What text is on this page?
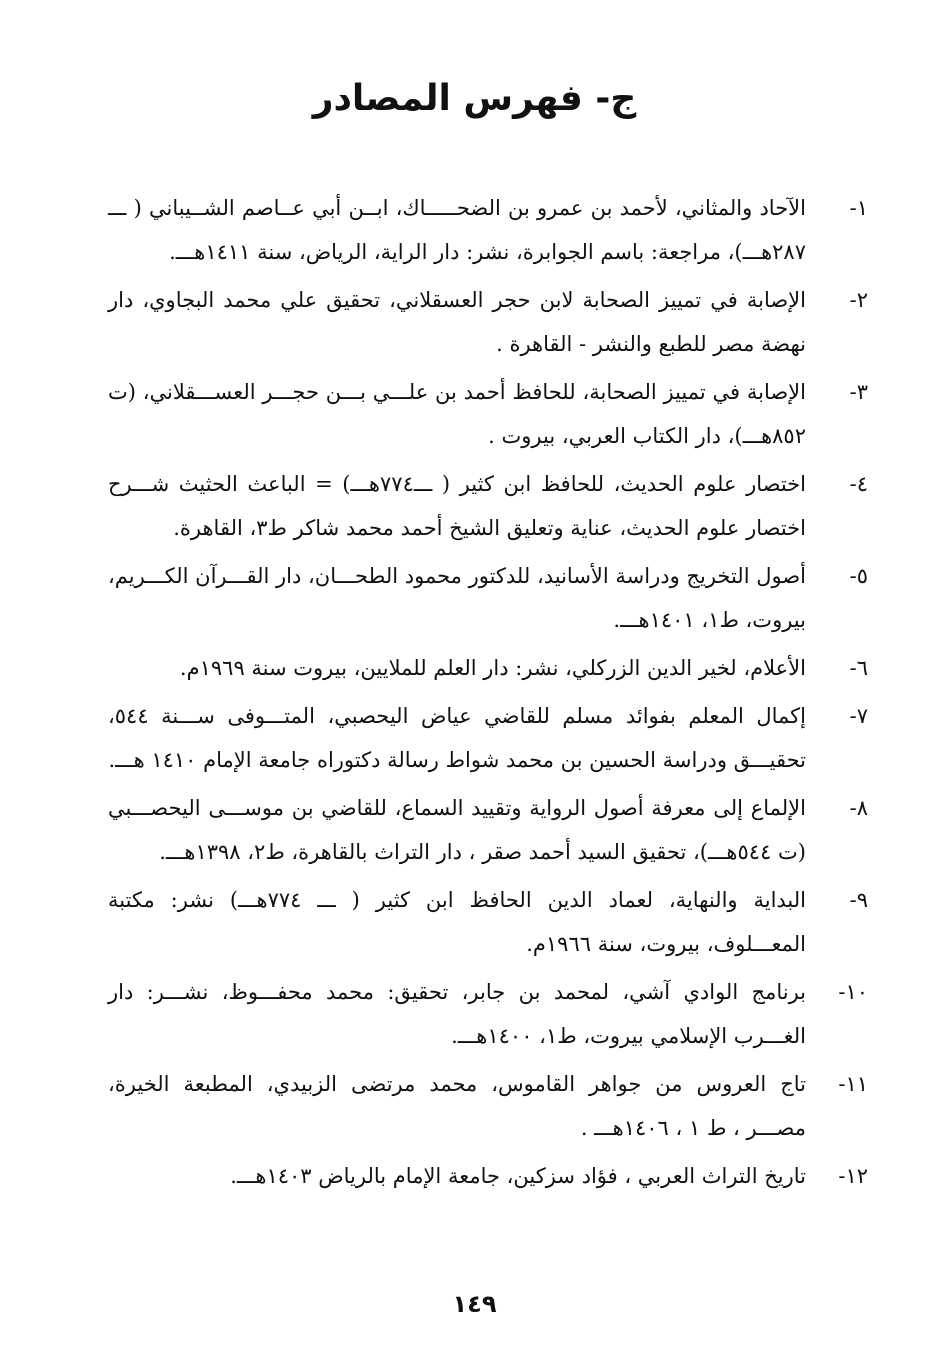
ج- فهرس المصادر
١-
الآحاد والمثاني، لأحمد بن عمرو بن الضحـــــاك، ابــن أبي عــاصم الشــيباني ( ـــ ٢٨٧هـــ)، مراجعة: باسم الجوابرة، نشر: دار الراية، الرياض، سنة ١٤١١هـــ.
٢-
الإصابة في تمييز الصحابة لابن حجر العسقلاني، تحقيق علي محمد البجاوي، دار نهضة مصر للطبع والنشر - القاهرة .
٣-
الإصابة في تمييز الصحابة، للحافظ أحمد بن علـــي بـــن حجـــر العســـقلاني، (ت ٨٥٢هـــ)، دار الكتاب العربي، بيروت .
٤-
اختصار علوم الحديث، للحافظ ابن كثير ( ـــ٧٧٤هـــ) = الباعث الحثيث شـــرح اختصار علوم الحديث، عناية وتعليق الشيخ أحمد محمد شاكر ط٣، القاهرة.
٥-
أصول التخريج ودراسة الأسانيد، للدكتور محمود الطحـــان، دار القـــرآن الكـــريم، بيروت، ط١، ١٤٠١هـــ.
٦-
الأعلام، لخير الدين الزركلي، نشر: دار العلم للملايين، بيروت سنة ١٩٦٩م.
٧-
إكمال المعلم بفوائد مسلم للقاضي عياض اليحصبي، المتـــوفى ســـنة ٥٤٤، تحقيـــق ودراسة الحسين بن محمد شواط رسالة دكتوراه جامعة الإمام ١٤١٠ هـــ.
٨-
الإلماع إلى معرفة أصول الرواية وتقييد السماع، للقاضي بن موســـى اليحصـــبي (ت ٥٤٤هـــ)، تحقيق السيد أحمد صقر ، دار التراث بالقاهرة، ط٢، ١٣٩٨هـــ.
٩-
البداية والنهاية، لعماد الدين الحافظ ابن كثير ( ـــ ٧٧٤هـــ) نشر: مكتبة المعـــلوف، بيروت، سنة ١٩٦٦م.
١٠-
برنامج الوادي آشي، لمحمد بن جابر، تحقيق: محمد محفـــوظ، نشـــر: دار الغـــرب الإسلامي بيروت، ط١، ١٤٠٠هـــ.
١١-
تاج العروس من جواهر القاموس، محمد مرتضى الزبيدي، المطبعة الخيرة، مصـــر ، ط ١ ، ١٤٠٦هـــ .
١٢-
تاريخ التراث العربي ، فؤاد سزكين، جامعة الإمام بالرياض ١٤٠٣هـــ.
١٤٩
